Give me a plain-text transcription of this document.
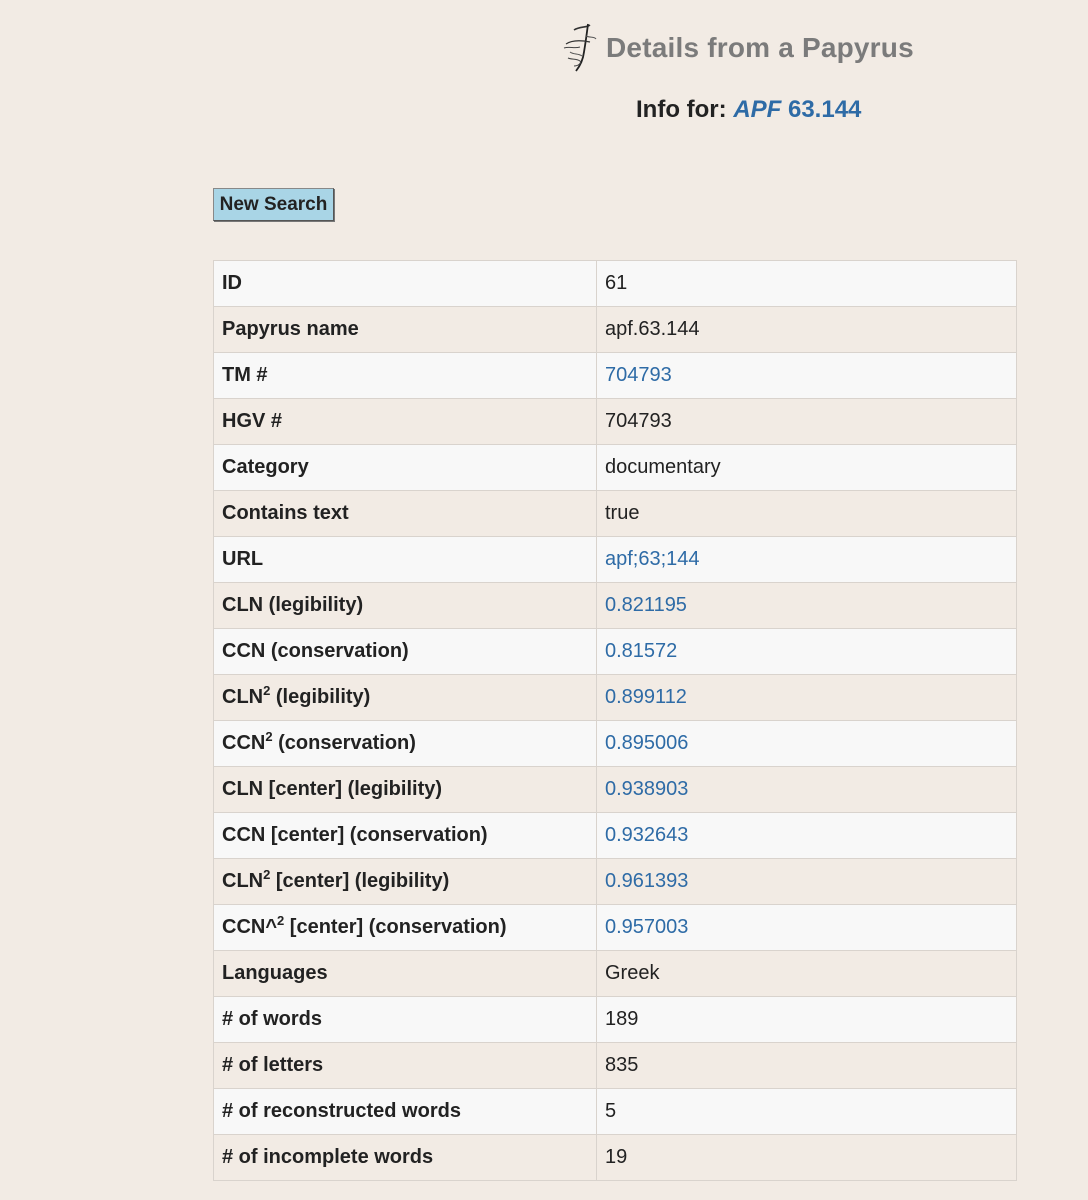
Details from a Papyrus
Info for: APF 63.144
New Search
ID	61
Papyrus name	apf.63.144
TM #	704793
HGV #	704793
Category	documentary
Contains text	true
URL	apf;63;144
CLN (legibility)	0.821195
CCN (conservation)	0.81572
CLN$^2$ (legibility)	0.899112
CCN$^2$ (conservation)	0.895006
CLN [center] (legibility)	0.938903
CCN [center] (conservation)	0.932643
CLN$^2$ [center] (legibility)	0.961393
CCN^$^2$ [center] (conservation)	0.957003
Languages	Greek
# of words	189
# of letters	835
# of reconstructed words	5
# of incomplete words	19
